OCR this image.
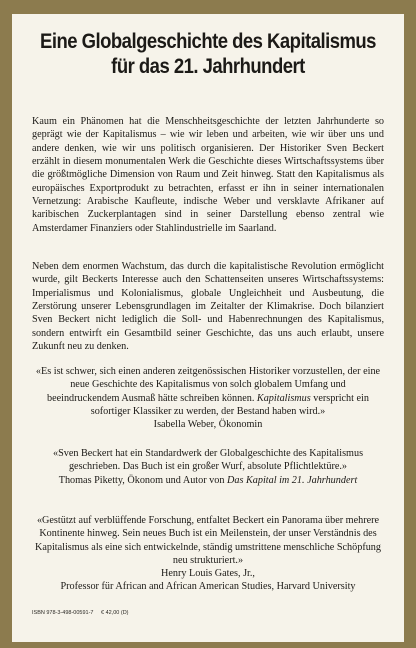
Eine Globalgeschichte des Kapitalismus
für das 21. Jahrhundert

Kaum ein Phänomen hat die Menschheitsgeschichte der letzten Jahrhunderte so geprägt wie der Kapitalismus – wie wir leben und arbeiten, wie wir über uns und andere denken, wie wir uns politisch organisieren. Der Historiker Sven Beckert erzählt in diesem monumentalen Werk die Geschichte dieses Wirtschaftssystems über die größtmögliche Dimension von Raum und Zeit hinweg. Statt den Kapitalismus als europäisches Exportprodukt zu betrachten, erfasst er ihn in seiner internationalen Vernetzung: Arabische Kaufleute, indische Weber und versklavte Afrikaner auf karibischen Zuckerplantagen sind in seiner Darstellung ebenso zentral wie Amsterdamer Finanziers oder Stahlindustrielle im Saarland.

Neben dem enormen Wachstum, das durch die kapitalistische Revolution ermöglicht wurde, gilt Beckerts Interesse auch den Schattenseiten unseres Wirtschaftssystems: Imperialismus und Kolonialismus, globale Ungleichheit und Ausbeutung, die Zerstörung unserer Lebensgrundlagen im Zeitalter der Klimakrise. Doch bilanziert Sven Beckert nicht lediglich die Soll- und Habenrechnungen des Kapitalismus, sondern entwirft ein Gesamtbild seiner Geschichte, das uns auch erlaubt, unsere Zukunft neu zu denken.

«Es ist schwer, sich einen anderen zeitgenössischen Historiker vorzustellen, der eine neue Geschichte des Kapitalismus von solch globalem Umfang und beeindruckendem Ausmaß hätte schreiben können. Kapitalismus verspricht ein sofortiger Klassiker zu werden, der Bestand haben wird.»
Isabella Weber, Ökonomin
«Sven Beckert hat ein Standardwerk der Globalgeschichte des Kapitalismus geschrieben. Das Buch ist ein großer Wurf, absolute Pflichtlektüre.»
Thomas Piketty, Ökonom und Autor von Das Kapital im 21. Jahrhundert
«Gestützt auf verblüffende Forschung, entfaltet Beckert ein Panorama über mehrere Kontinente hinweg. Sein neues Buch ist ein Meilenstein, der unser Verständnis des Kapitalismus als eine sich entwickelnde, ständig umstrittene menschliche Schöpfung neu strukturiert.»
Henry Louis Gates, Jr.,
Professor für African and African American Studies, Harvard University
ISBN 978-3-498-00591-7 € 42,00 (D)
